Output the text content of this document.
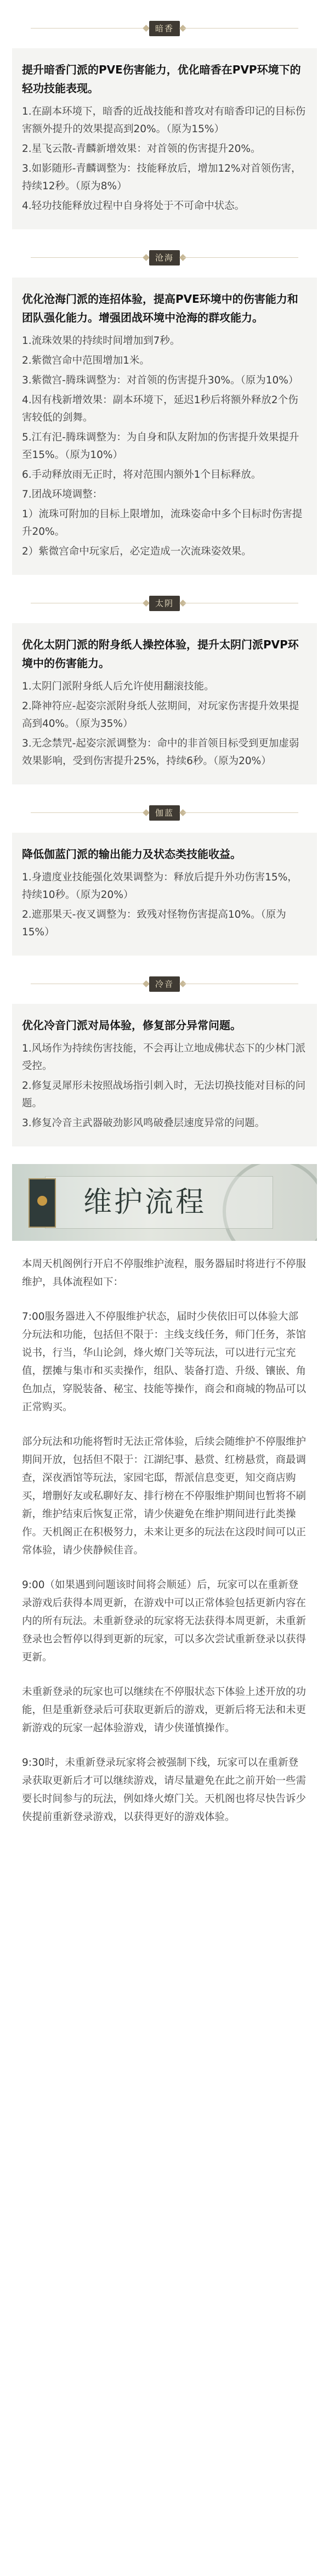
暗香

提升暗香门派的PVE伤害能力，优化暗香在PVP环境下的轻功技能表现。

1.在副本环境下，暗香的近战技能和普攻对有暗香印记的目标伤害额外提升的效果提高到20%。（原为15%）

2.星飞云散-青麟新增效果：对首领的伤害提升20%。

3.如影随形-青麟调整为：技能释放后，增加12%对首领伤害，持续12秒。（原为8%）

4.轻功技能释放过程中自身将处于不可命中状态。

沧海

优化沧海门派的连招体验，提高PVE环境中的伤害能力和团队强化能力。增强团战环境中沧海的群攻能力。

1.流珠效果的持续时间增加到7秒。

2.紫微宫命中范围增加1米。

3.紫微宫-腾珠调整为：对首领的伤害提升30%。（原为10%）

4.因有栈新增效果：副本环境下，延迟1秒后将额外释放2个伤害较低的剑舞。

5.江有汜-腾珠调整为：为自身和队友附加的伤害提升效果提升至15%。（原为10%）

6.手动释放雨无正时，将对范围内额外1个目标释放。

7.团战环境调整：

1）流珠可附加的目标上限增加，流珠姿命中多个目标时伤害提升20%。

2）紫微宫命中玩家后，必定造成一次流珠姿效果。

太阴

优化太阴门派的附身纸人操控体验，提升太阴门派PVP环境中的伤害能力。

1.太阴门派附身纸人后允许使用翻滚技能。

2.降神符应-起姿宗派附身纸人弦期间，对玩家伤害提升效果提高到40%。（原为35%）

3.无念禁咒-起姿宗派调整为：命中的非首领目标受到更加虚弱效果影响，受到伤害提升25%，持续6秒。（原为20%）

伽蓝

降低伽蓝门派的输出能力及状态类技能收益。

1.身遗度业技能强化效果调整为：释放后提升外功伤害15%，持续10秒。（原为20%）

2.遮那果天-夜叉调整为：致残对怪物伤害提高10%。（原为15%）

冷音

优化冷音门派对局体验，修复部分异常问题。

1.风场作为持续伤害技能，不会再让立地成佛状态下的少林门派受控。

2.修复灵犀形未按照战场指引刺入时，无法切换技能对目标的问题。

3.修复冷音主武器破劲影风鸣破叠层速度异常的问题。

维护流程

本周天机阁例行开启不停服维护流程，服务器届时将进行不停服维护，具体流程如下：

7:00服务器进入不停服维护状态，届时少侠依旧可以体验大部分玩法和功能，包括但不限于：主线支线任务，师门任务，茶馆说书，行当，华山论剑，烽火燎门关等玩法，可以进行元宝充值，摆摊与集市和买卖操作，组队、装备打造、升级、镶嵌、角色加点，穿脱装备、秘宝、技能等操作，商会和商城的物品可以正常购买。

部分玩法和功能将暂时无法正常体验，后续会随维护不停服维护期间开放，包括但不限于：江湖纪事、悬赏、红榜悬赏，商最调查，深夜酒馆等玩法，家园宅邸，帮派信息变更，知交商店购买，增删好友或私聊好友、排行榜在不停服维护期间也暂将不刷新，维护结束后恢复正常，请少侠避免在维护期间进行此类操作。天机阁正在积极努力，未来让更多的玩法在这段时间可以正常体验，请少侠静候佳音。

9:00（如果遇到问题该时间将会顺延）后，玩家可以在重新登录游戏后获得本周更新，在游戏中可以正常体验包括更新内容在内的所有玩法。未重新登录的玩家将无法获得本周更新，未重新登录也会暂停以得到更新的玩家，可以多次尝试重新登录以获得更新。

未重新登录的玩家也可以继续在不停服状态下体验上述开放的功能，但是重新登录后可获取更新后的游戏，更新后将无法和未更新游戏的玩家一起体验游戏，请少侠谨慎操作。

9:30时，未重新登录玩家将会被强制下线，玩家可以在重新登录获取更新后才可以继续游戏，请尽量避免在此之前开始一些需要长时间参与的玩法，例如烽火燎门关。天机阁也将尽快告诉少侠提前重新登录游戏，以获得更好的游戏体验。
